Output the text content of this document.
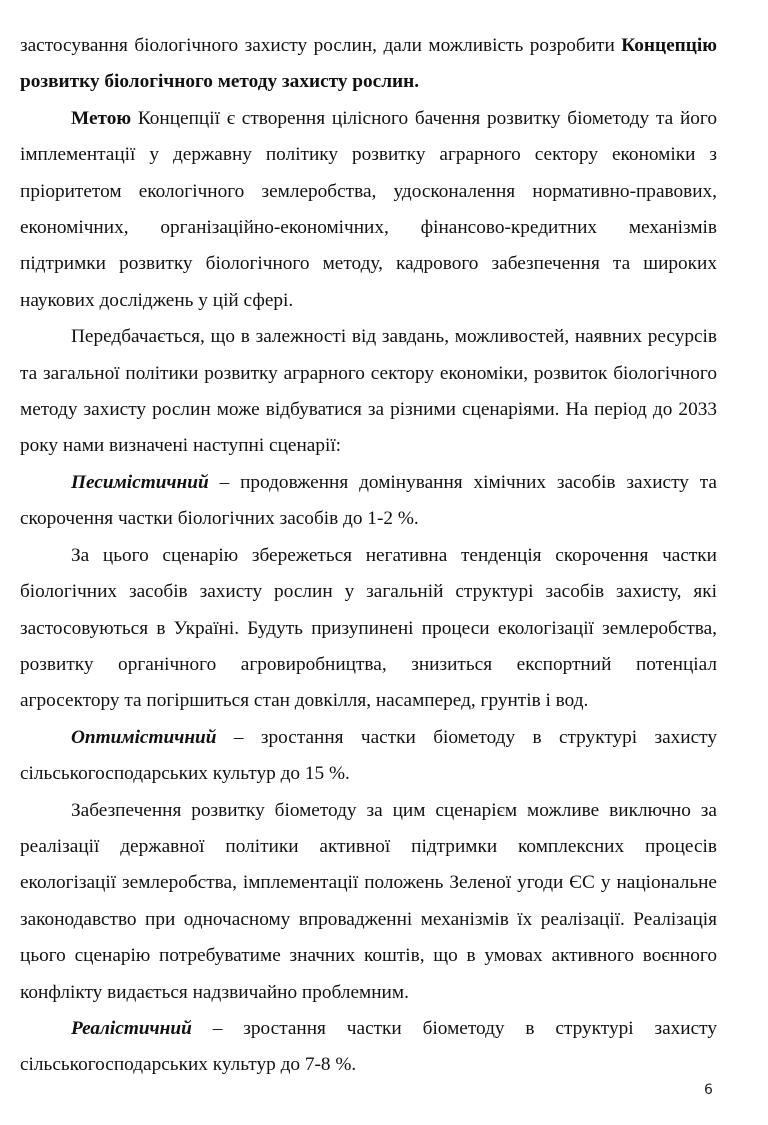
застосування біологічного захисту рослин, дали можливість розробити Концепцію розвитку біологічного методу захисту рослин.

Метою Концепції є створення цілісного бачення розвитку біометоду та його імплементації у державну політику розвитку аграрного сектору економіки з пріоритетом екологічного землеробства, удосконалення нормативно-правових, економічних, організаційно-економічних, фінансово-кредитних механізмів підтримки розвитку біологічного методу, кадрового забезпечення та широких наукових досліджень у цій сфері.

Передбачається, що в залежності від завдань, можливостей, наявних ресурсів та загальної політики розвитку аграрного сектору економіки, розвиток біологічного методу захисту рослин може відбуватися за різними сценаріями. На період до 2033 року нами визначені наступні сценарії:

Песимістичний – продовження домінування хімічних засобів захисту та скорочення частки біологічних засобів до 1-2 %.

За цього сценарію збережеться негативна тенденція скорочення частки біологічних засобів захисту рослин у загальній структурі засобів захисту, які застосовуються в Україні. Будуть призупинені процеси екологізації землеробства, розвитку органічного агровиробництва, знизиться експортний потенціал агросектору та погіршиться стан довкілля, насамперед, грунтів і вод.

Оптимістичний – зростання частки біометоду в структурі захисту сільськогосподарських культур до 15 %.

Забезпечення розвитку біометоду за цим сценарієм можливе виключно за реалізації державної політики активної підтримки комплексних процесів екологізації землеробства, імплементації положень Зеленої угоди ЄС у національне законодавство при одночасному впровадженні механізмів їх реалізації. Реалізація цього сценарію потребуватиме значних коштів, що в умовах активного воєнного конфлікту видається надзвичайно проблемним.

Реалістичний – зростання частки біометоду в структурі захисту сільськогосподарських культур до 7-8 %.

6
